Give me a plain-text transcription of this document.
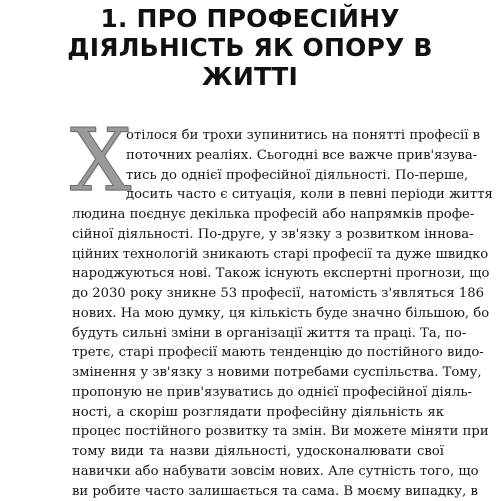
1. ПРО ПРОФЕСІЙНУ
ДІЯЛЬНІСТЬ ЯК ОПОРУ В
ЖИТТІ
Х
отілося би трохи зупинитись на понятті професії в
поточних реаліях. Сьогодні все важче прив'язува-
тись до однієї професійної діяльності. По-перше,
досить часто є ситуація, коли в певні періоди життя
людина поєднує декілька професій або напрямків профе-
сійної діяльності. По-друге, у зв'язку з розвитком іннова-
ційних технологій зникають старі професії та дуже швидко
народжуються нові. Також існують експертні прогнози, що
до 2030 року зникне 53 професії, натомість з'являться 186
нових. На мою думку, ця кількість буде значно більшою, бо
будуть сильні зміни в організації життя та праці. Та, по-
третє, старі професії мають тенденцію до постійного видо-
змінення у зв'язку з новими потребами суспільства. Тому,
пропоную не прив'язуватись до однієї професійної діяль-
ності, а скоріш розглядати професійну діяльність як
процес постійного розвитку та змін. Ви можете міняти при
тому види та назви діяльності, удосконалювати свої
навички або набувати зовсім нових. Але сутність того, що
ви робите часто залишається та сама. В моєму випадку, в
